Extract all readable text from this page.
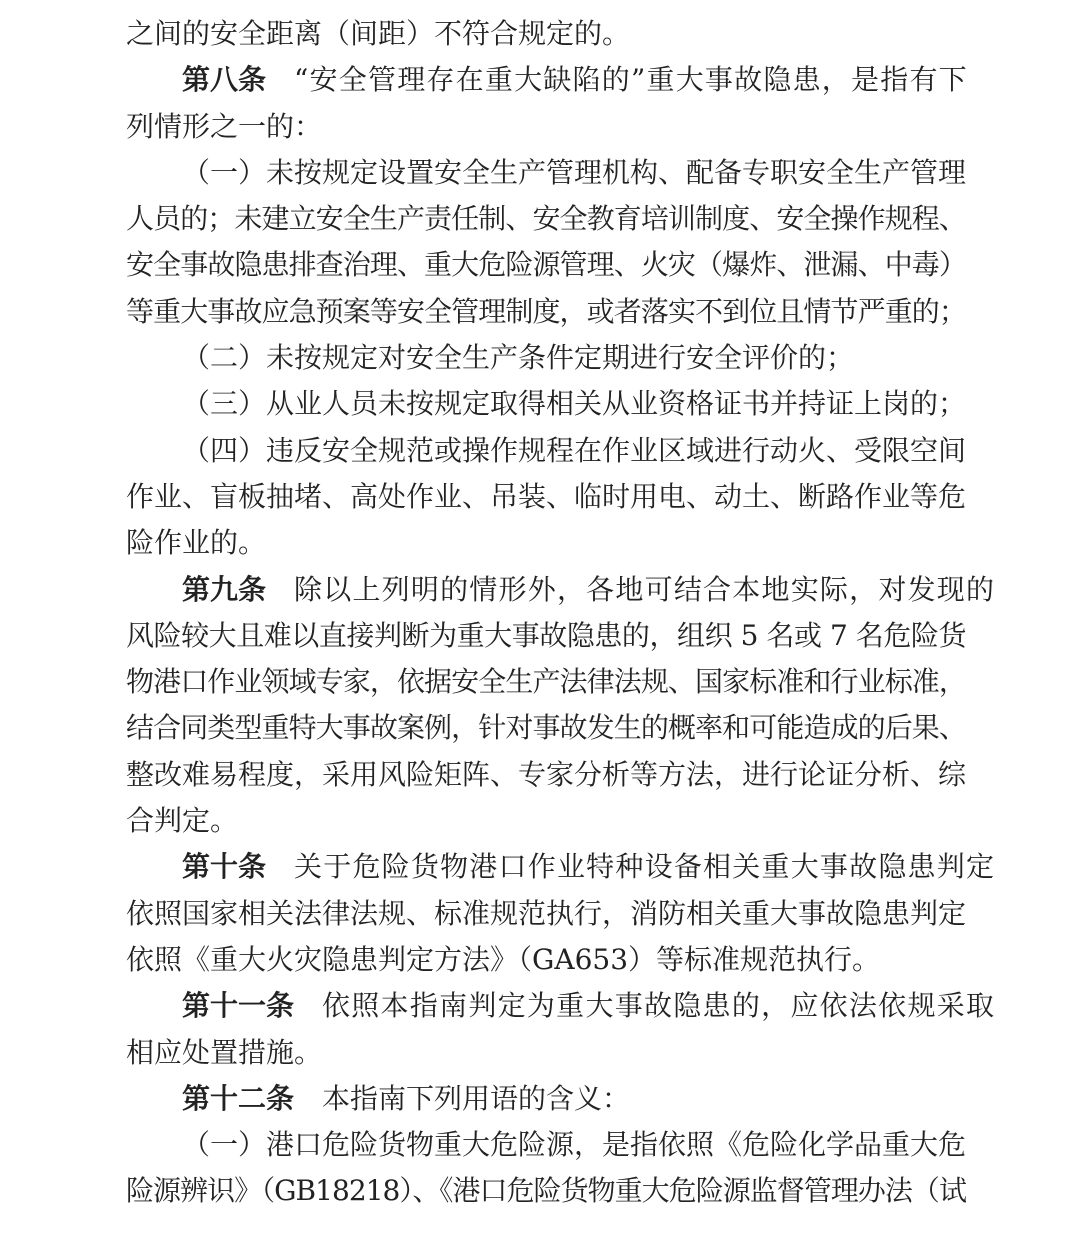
之间的安全距离（间距）不符合规定的。
第八条 “安全管理存在重大缺陷的”重大事故隐患，是指有下
列情形之一的：
（一）未按规定设置安全生产管理机构、配备专职安全生产管理
人员的；未建立安全生产责任制、安全教育培训制度、安全操作规程、
安全事故隐患排查治理、重大危险源管理、火灾（爆炸、泄漏、中毒）
等重大事故应急预案等安全管理制度，或者落实不到位且情节严重的；
（二）未按规定对安全生产条件定期进行安全评价的；
（三）从业人员未按规定取得相关从业资格证书并持证上岗的；
（四）违反安全规范或操作规程在作业区域进行动火、受限空间
作业、盲板抽堵、高处作业、吊装、临时用电、动土、断路作业等危
险作业的。
第九条 除以上列明的情形外，各地可结合本地实际，对发现的
风险较大且难以直接判断为重大事故隐患的，组织 5 名或 7 名危险货
物港口作业领域专家，依据安全生产法律法规、国家标准和行业标准，
结合同类型重特大事故案例，针对事故发生的概率和可能造成的后果、
整改难易程度，采用风险矩阵、专家分析等方法，进行论证分析、综
合判定。
第十条 关于危险货物港口作业特种设备相关重大事故隐患判定
依照国家相关法律法规、标准规范执行，消防相关重大事故隐患判定
依照《重大火灾隐患判定方法》（GA653）等标准规范执行。
第十一条 依照本指南判定为重大事故隐患的，应依法依规采取
相应处置措施。
第十二条 本指南下列用语的含义：
（一）港口危险货物重大危险源，是指依照《危险化学品重大危
险源辨识》（GB18218）、《港口危险货物重大危险源监督管理办法（试
